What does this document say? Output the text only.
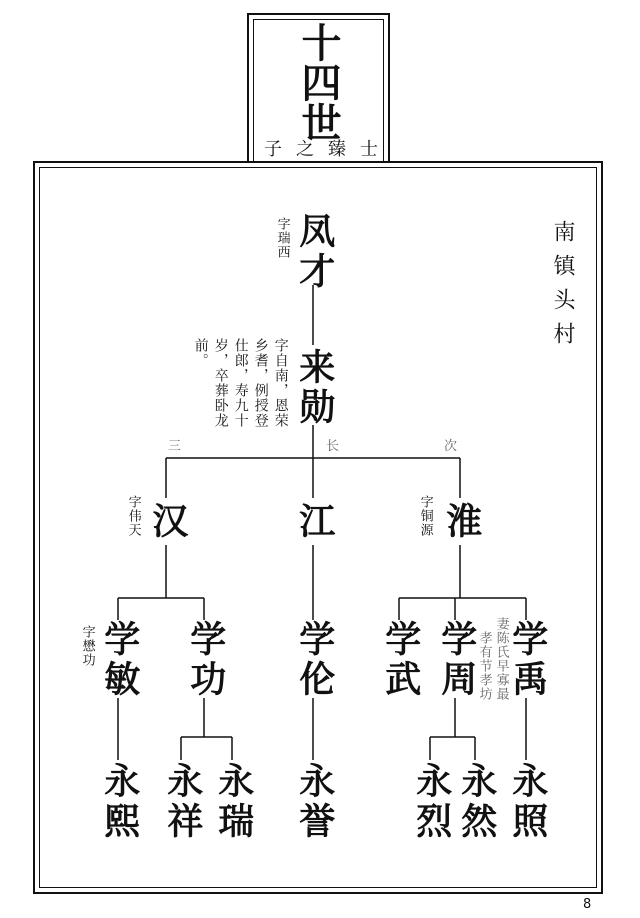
十四世
子之臻士
南镇头村
凤才
字瑞西
来勋
字自南，恩荣
乡耆，例授登
仕郎，寿九十
岁，卒葬卧龙
前。
三	长	次
汉
字伟天	江	淮
字铜源
学敏
字懋功	学功 学伦 学武 学周 学禹
妻陈氏早寡最
孝有节孝坊
永熙 永祥 永瑞 永誉 永烈 永然 永照
8
